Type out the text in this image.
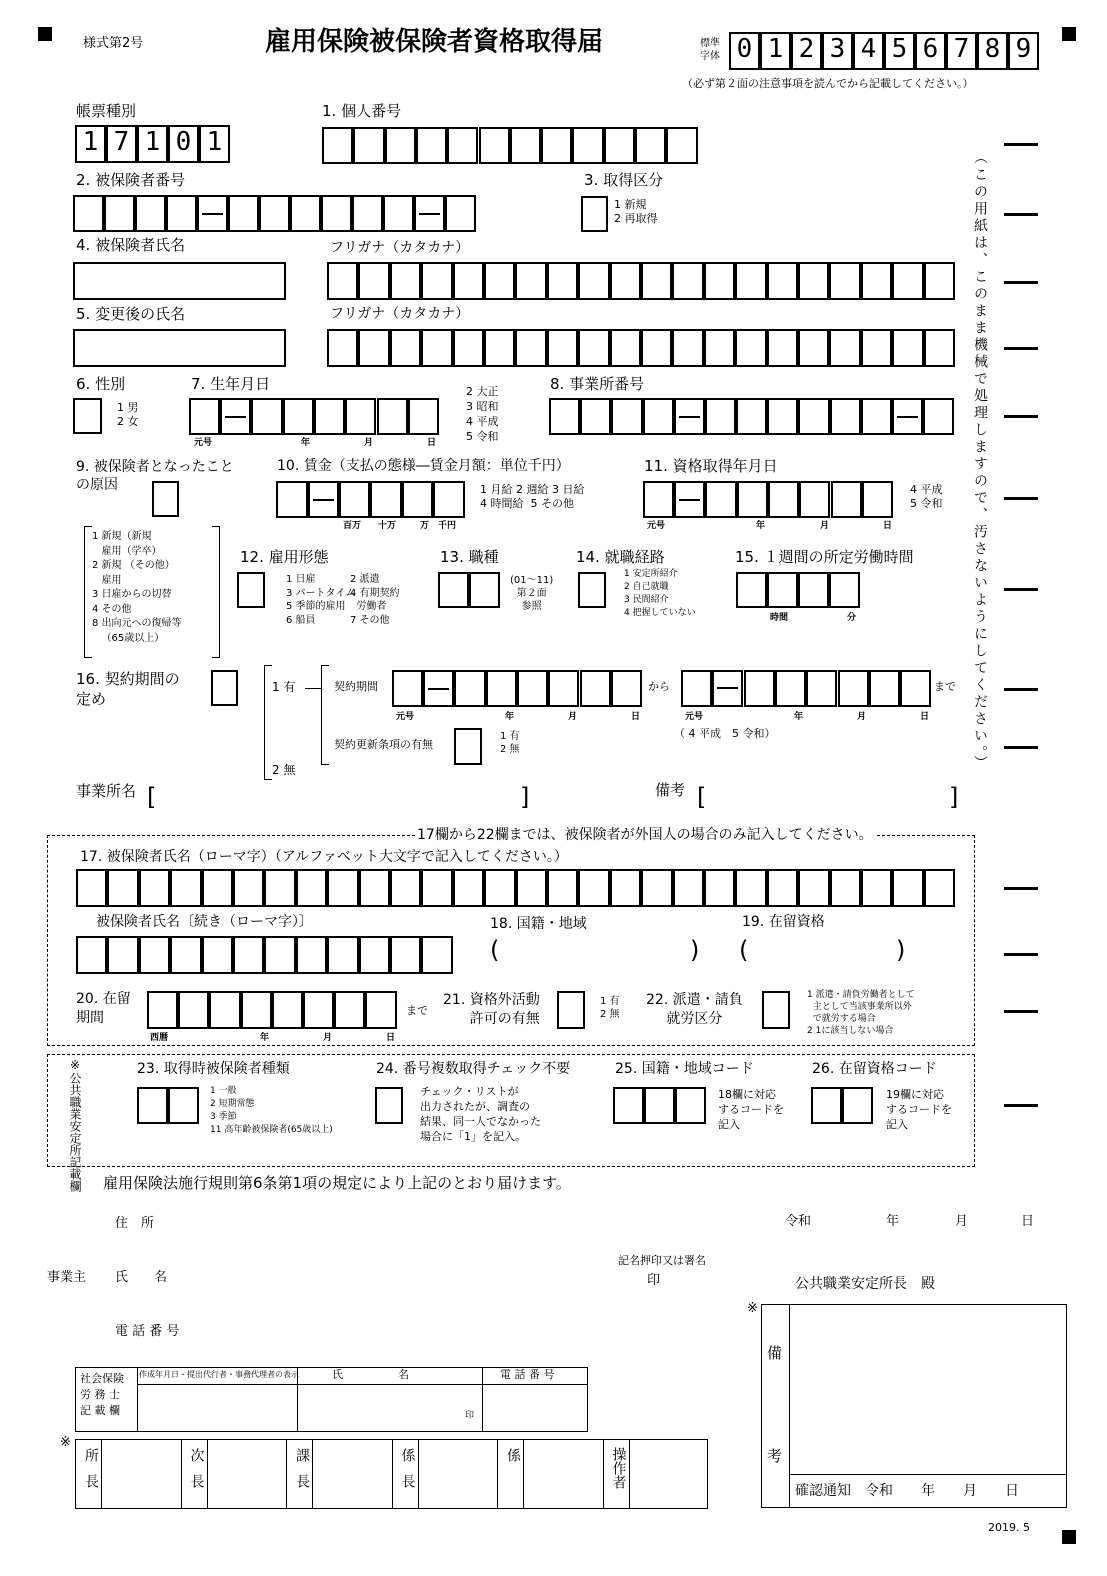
様式第2号	雇用保険被保険者資格取得届	標準字体 0 1 2 3 4 5 6 7 8 9
（必ず第２面の注意事項を読んでから記載してください。）
（この用紙は、このまま機械で処理しますので、汚さないようにしてください。）
帳票種別
1 7 1 0 1
1. 個人番号
2. 被保険者番号	3. 取得区分
1 新規
2 再取得
4. 被保険者氏名	フリガナ（カタカナ）
5. 変更後の氏名	フリガナ（カタカナ）
6. 性別
1 男
2 女
7. 生年月日
元号	年	月	日
2 大正
3 昭和
4 平成
5 令和
8. 事業所番号
9. 被保険者となったこと
の原因
1 新規（新規
雇用（学卒）
2 新規 （その他）
雇用
3 日雇からの切替
4 その他
8 出向元への復帰等
（65歳以上）
10. 賃金（支払の態様―賃金月額：単位千円）
百万 十万	万 千円
1 月給 2 週給 3 日給
4 時間給  5 その他
11. 資格取得年月日
元号	年	月	日
4 平成
5 令和
12. 雇用形態
1 日雇
3 パートタイム
5 季節的雇用
6 船員
2 派遣
4 有期契約
労働者
7 その他
13. 職種
(01～11)
第２面
参照
14. 就職経路
1 安定所紹介
2 自己就職
3 民間紹介
4 把握していない
15. １週間の所定労働時間
時間	分
16. 契約期間の
定め
1 有
2 無
契約期間	から	まで
元号	年	月	日	元号	年	月	日
（ 4 平成　5 令和）
契約更新条項の有無
1 有
2 無
事業所名 [	]	備考 [	]
17欄から22欄までは、被保険者が外国人の場合のみ記入してください。
17. 被保険者氏名（ローマ字）（アルファベット大文字で記入してください。）
被保険者氏名〔続き（ローマ字）〕	18. 国籍・地域
(	)
19. 在留資格
(	)
20. 在留
期間
西暦	年	月	日
まで
21. 資格外活動
許可の有無
1 有
2 無
22. 派遣・請負
就労区分
1 派遣・請負労働者として
主として当該事業所以外
で就労する場合
2 1に該当しない場合
※公共職業安定所記載欄	23. 取得時被保険者種類
1 一般
2 短期常態
3 季節
11 高年齢被保険者(65歳以上)
24. 番号複数取得チェック不要
チェック・リストが
出力されたが、調査の
結果、同一人でなかった
場合に「1」を記入。
25. 国籍・地域コード
18欄に対応
するコードを
記入
26. 在留資格コード
19欄に対応
するコードを
記入
雇用保険法施行規則第6条第1項の規定により上記のとおり届けます。
住　所	令和	年	月	日
事業主 氏　　名
記名押印又は署名
印	公共職業安定所長　殿
電 話 番 号
社会保険
労 務 士
記 載 欄
作成年月日・提出代行者・事務代理者の表示	氏　　　　　名	電 話 番 号
印
※
所長	次長	課長	係長	係	操作者
※
備
考
確認通知　令和　　年　　月　　日
2019. 5
